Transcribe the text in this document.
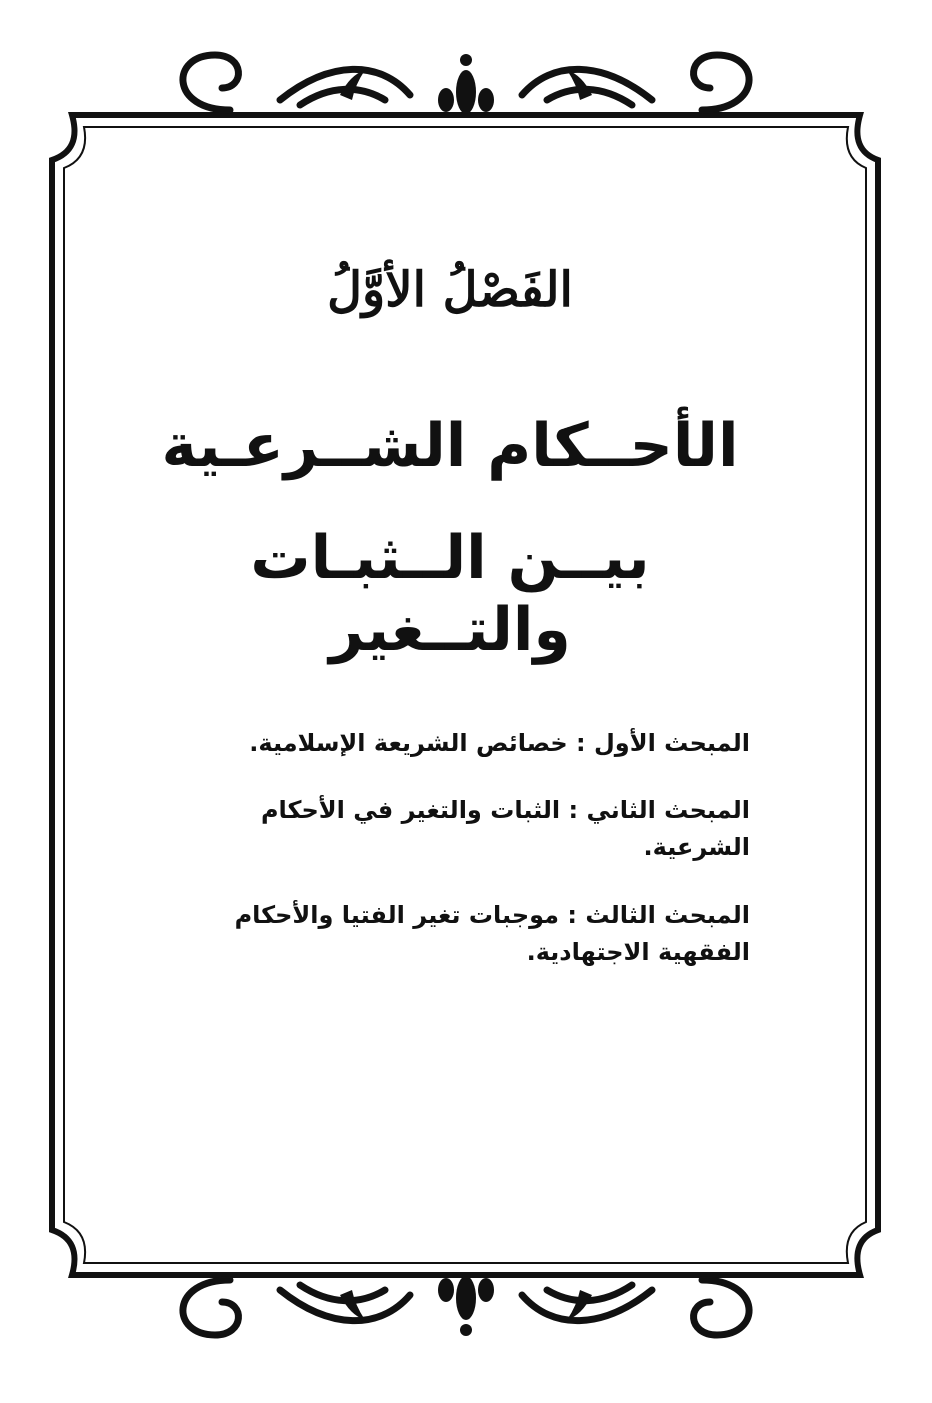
الفَصْلُ الأوَّلُ
الأحــكام الشــرعـية
بيــن الــثبـات والتــغير
المبحث الأول : خصائص الشريعة الإسلامية.
المبحث الثاني : الثبات والتغير في الأحكام الشرعية.
المبحث الثالث : موجبات تغير الفتيا والأحكام الفقهية الاجتهادية.
